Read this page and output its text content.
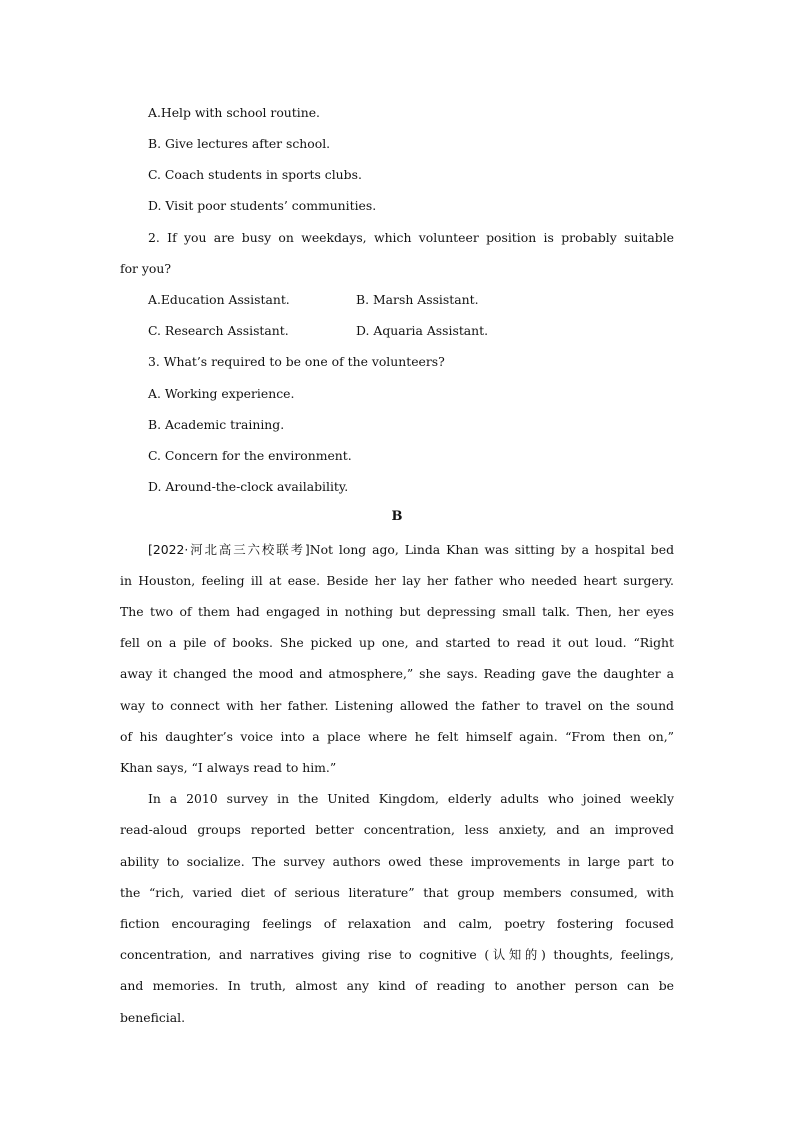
A.Help with school routine.

B. Give lectures after school.

C. Coach students in sports clubs.

D. Visit poor students’ communities.

2. If you are busy on weekdays, which volunteer position is probably suitable

for you?

A.Education Assistant.	B. Marsh Assistant.

C. Research Assistant.	D. Aquaria Assistant.

3. What’s required to be one of the volunteers?

A. Working experience.

B. Academic training.

C. Concern for the environment.

D. Around-the-clock availability.

B

[2022·河北高三六校联考]Not long ago, Linda Khan was sitting by a hospital bed

in Houston, feeling ill at ease. Beside her lay her father who needed heart surgery.

The two of them had engaged in nothing but depressing small talk. Then, her eyes

fell on a pile of books. She picked up one, and started to read it out loud. “Right

away it changed the mood and atmosphere,” she says. Reading gave the daughter a

way to connect with her father. Listening allowed the father to travel on the sound

of his daughter’s voice into a place where he felt himself again. “From then on,”

Khan says, “I always read to him.”

In a 2010 survey in the United Kingdom, elderly adults who joined weekly

read-aloud groups reported better concentration, less anxiety, and an improved

ability to socialize. The survey authors owed these improvements in large part to

the “rich, varied diet of serious literature” that group members consumed, with

fiction encouraging feelings of relaxation and calm, poetry fostering focused

concentration, and narratives giving rise to cognitive (认知的) thoughts, feelings,

and memories. In truth, almost any kind of reading to another person can be

beneficial.
